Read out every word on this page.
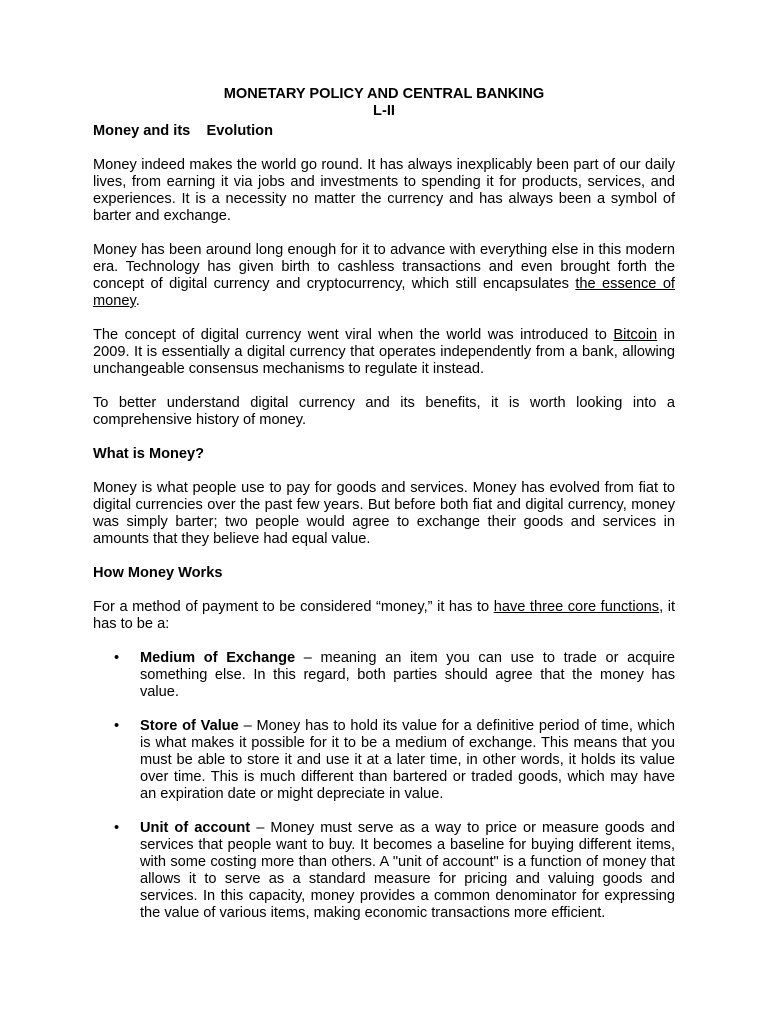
MONETARY POLICY AND CENTRAL BANKING

L-II

Money and its    Evolution

Money indeed makes the world go round. It has always inexplicably been part of our daily lives, from earning it via jobs and investments to spending it for products, services, and experiences. It is a necessity no matter the currency and has always been a symbol of barter and exchange.

Money has been around long enough for it to advance with everything else in this modern era. Technology has given birth to cashless transactions and even brought forth the concept of digital currency and cryptocurrency, which still encapsulates the essence of money.

The concept of digital currency went viral when the world was introduced to Bitcoin in 2009. It is essentially a digital currency that operates independently from a bank, allowing unchangeable consensus mechanisms to regulate it instead.

To better understand digital currency and its benefits, it is worth looking into a comprehensive history of money.

What is Money?

Money is what people use to pay for goods and services. Money has evolved from fiat to digital currencies over the past few years. But before both fiat and digital currency, money was simply barter; two people would agree to exchange their goods and services in amounts that they believe had equal value.

How Money Works

For a method of payment to be considered “money,” it has to have three core functions, it has to be a:

• Medium of Exchange – meaning an item you can use to trade or acquire something else. In this regard, both parties should agree that the money has value.
• Store of Value – Money has to hold its value for a definitive period of time, which is what makes it possible for it to be a medium of exchange. This means that you must be able to store it and use it at a later time, in other words, it holds its value over time. This is much different than bartered or traded goods, which may have an expiration date or might depreciate in value.
• Unit of account – Money must serve as a way to price or measure goods and services that people want to buy. It becomes a baseline for buying different items, with some costing more than others. A "unit of account" is a function of money that allows it to serve as a standard measure for pricing and valuing goods and services. In this capacity, money provides a common denominator for expressing the value of various items, making economic transactions more efficient.
